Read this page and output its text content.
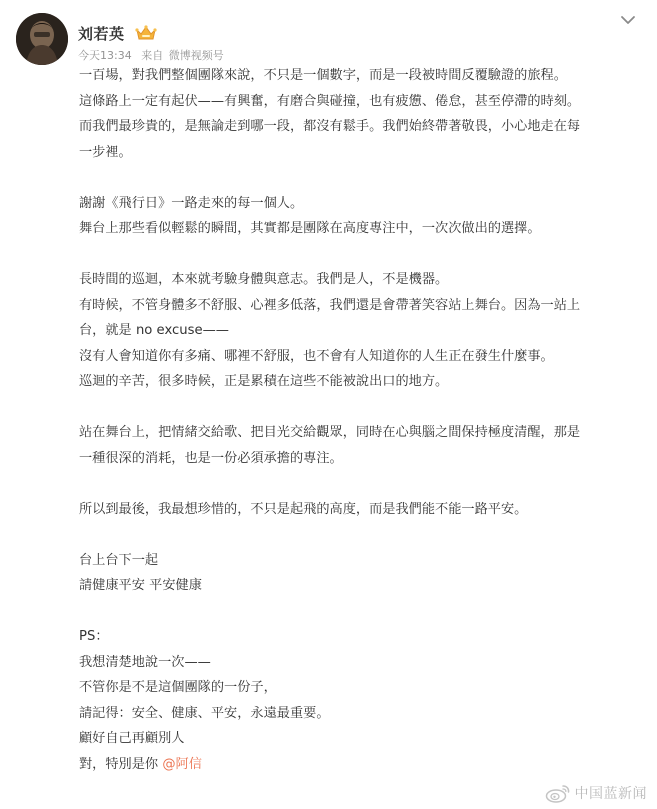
刘若英
今天13:34 来自 微博视频号

一百場，對我們整個團隊來說，不只是一個數字，而是一段被時間反覆驗證的旅程。

這條路上一定有起伏——有興奮，有磨合與碰撞，也有疲憊、倦怠，甚至停滯的時刻。

而我們最珍貴的，是無論走到哪一段，都沒有鬆手。我們始終帶著敬畏，小心地走在每

一步裡。

謝謝《飛行日》一路走來的每一個人。

舞台上那些看似輕鬆的瞬間，其實都是團隊在高度專注中，一次次做出的選擇。

長時間的巡迴，本來就考驗身體與意志。我們是人，不是機器。

有時候，不管身體多不舒服、心裡多低落，我們還是會帶著笑容站上舞台。因為一站上

台，就是 no excuse——

沒有人會知道你有多痛、哪裡不舒服，也不會有人知道你的人生正在發生什麼事。

巡迴的辛苦，很多時候，正是累積在這些不能被說出口的地方。

站在舞台上，把情緒交給歌、把目光交給觀眾，同時在心與腦之間保持極度清醒，那是

一種很深的消耗，也是一份必須承擔的專注。

所以到最後，我最想珍惜的，不只是起飛的高度，而是我們能不能一路平安。

台上台下一起

請健康平安 平安健康

PS：

我想清楚地說一次——

不管你是不是這個團隊的一份子，

請記得：安全、健康、平安，永遠最重要。

顧好自己再顧別人

對，特別是你 @阿信

中国蓝新闻
